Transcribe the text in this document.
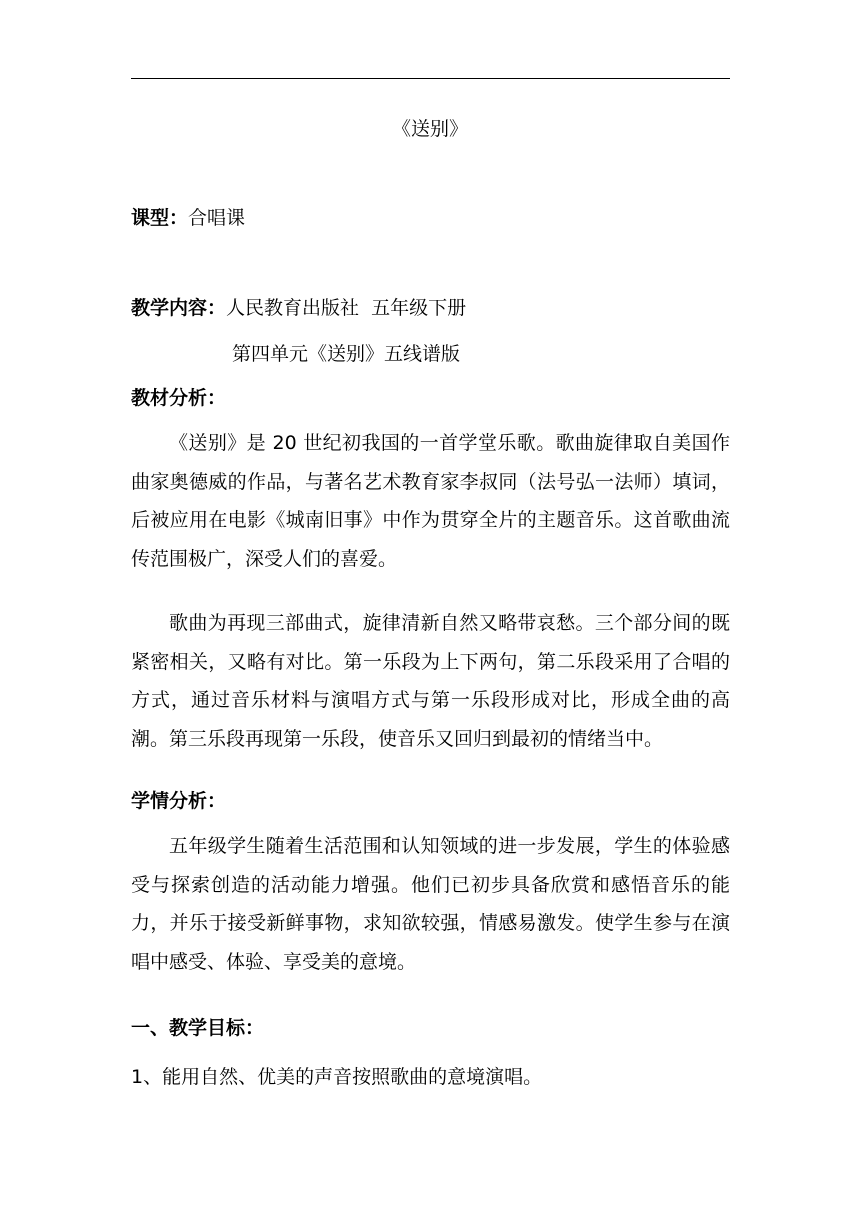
《送别》
课型：合唱课
教学内容：人民教育出版社  五年级下册
第四单元《送别》五线谱版
教材分析：
《送别》是 20 世纪初我国的一首学堂乐歌。歌曲旋律取自美国作曲家奥德威的作品，与著名艺术教育家李叔同（法号弘一法师）填词，后被应用在电影《城南旧事》中作为贯穿全片的主题音乐。这首歌曲流传范围极广，深受人们的喜爱。
歌曲为再现三部曲式，旋律清新自然又略带哀愁。三个部分间的既紧密相关，又略有对比。第一乐段为上下两句，第二乐段采用了合唱的方式，通过音乐材料与演唱方式与第一乐段形成对比，形成全曲的高潮。第三乐段再现第一乐段，使音乐又回归到最初的情绪当中。
学情分析：
五年级学生随着生活范围和认知领域的进一步发展，学生的体验感受与探索创造的活动能力增强。他们已初步具备欣赏和感悟音乐的能力，并乐于接受新鲜事物，求知欲较强，情感易激发。使学生参与在演唱中感受、体验、享受美的意境。
一、教学目标：
1、能用自然、优美的声音按照歌曲的意境演唱。
